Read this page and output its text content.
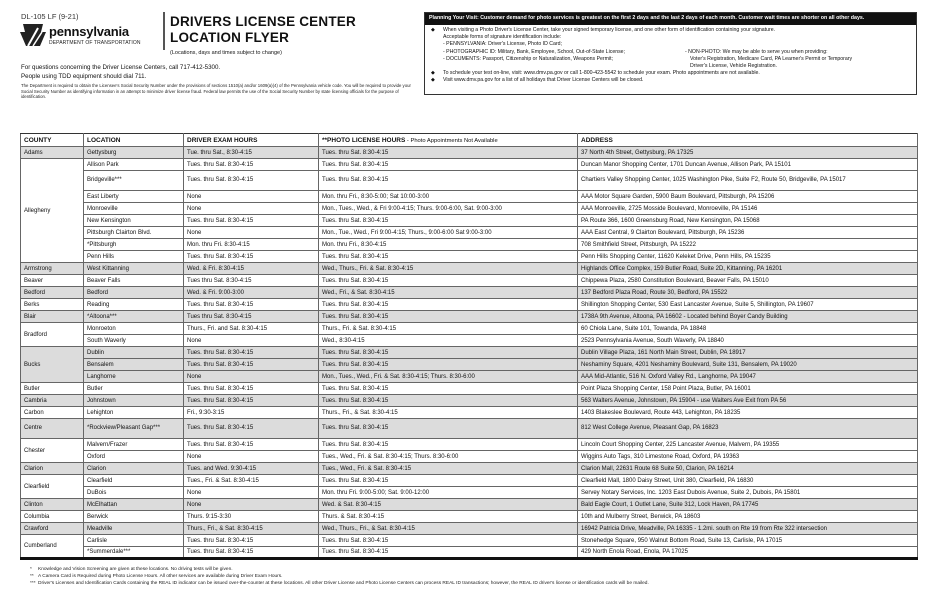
DL-105 LF (9-21)
pennsylvania
DEPARTMENT OF TRANSPORTATION
DRIVERS LICENSE CENTER
LOCATION FLYER
(Locations, days and times subject to change)
For questions concerning the Driver License Centers, call 717-412-5300.
People using TDD equipment should dial 711.
The Department is required to obtain the Licensee's Social Security Number under the provisions of sections 1510(a) and/or 1609(a)(4) of the Pennsylvania vehicle code. You will be required to provide your Social Security Number as identifying information in an attempt to minimize driver license fraud. Federal law permits the use of the Social Security Number by state licensing officials for the purpose of identification.
Planning Your Visit: Customer demand for photo services is greatest on the first 2 days and the last 2 days of each month. Customer wait times are shorter on all other days.
◆ When visiting a Photo Driver's License Center, take your signed temporary license, and one other form of identification containing your signature.
Acceptable forms of signature identification include:
- PENNSYLVANIA: Driver's License, Photo ID Card;
- PHOTOGRAPHIC ID: Military, Bank, Employee, School, Out-of-State License;
- DOCUMENTS: Passport, Citizenship or Naturalization, Weapons Permit;
- NON-PHOTO: We may be able to serve you when providing:
Voter's Registration, Medicare Card, PA Learner's Permit or Temporary
Driver's License, Vehicle Registration.
◆ To schedule your test on-line, visit: www.dmv.pa.gov or call 1-800-423-5542 to schedule your exam. Photo appointments are not available.
◆ Visit www.dmv.pa.gov for a list of all holidays that Driver License Centers will be closed.
COUNTY	LOCATION	DRIVER EXAM HOURS	**PHOTO LICENSE HOURS - Photo Appointments Not Available	ADDRESS
Adams	Gettysburg	Tue. thru Sat., 8:30-4:15	Tues. thru Sat. 8:30-4:15	37 North 4th Street, Gettysburg, PA 17325
Allegheny	Allison Park	Tues. thru Sat. 8:30-4:15	Tues. thru Sat. 8:30-4:15	Duncan Manor Shopping Center, 1701 Duncan Avenue, Allison Park, PA 15101
	Bridgeville***	Tues. thru Sat. 8:30-4:15	Tues. thru Sat. 8:30-4:15	Chartiers Valley Shopping Center, 1025 Washington Pike, Suite F2, Route 50, Bridgeville, PA 15017
	East Liberty	None	Mon. thru Fri., 8:30-5:00; Sat 10:00-3:00	AAA Motor Square Garden, 5900 Baum Boulevard, Pittsburgh, PA 15206
	Monroeville	None	Mon., Tues., Wed., & Fri 9:00-4:15; Thurs. 9:00-6:00, Sat. 9:00-3:00	AAA Monroeville, 2725 Mosside Boulevard, Monroeville, PA 15146
	New Kensington	Tues. thru Sat. 8:30-4:15	Tues. thru Sat. 8:30-4:15	PA Route 366, 1600 Greensburg Road, New Kensington, PA 15068
	Pittsburgh Clairton Blvd.	None	Mon., Tue., Wed., Fri 9:00-4:15; Thurs., 9:00-6:00 Sat 9:00-3:00	AAA East Central, 9 Clairton Boulevard, Pittsburgh, PA 15236
	*Pittsburgh	Mon. thru Fri. 8:30-4:15	Mon. thru Fri., 8:30-4:15	708 Smithfield Street, Pittsburgh, PA 15222
	Penn Hills	Tues. thru Sat. 8:30-4:15	Tues. thru Sat. 8:30-4:15	Penn Hills Shopping Center, 11620 Keleket Drive, Penn Hills, PA 15235
Armstrong	West Kittanning	Wed. & Fri. 8:30-4:15	Wed., Thurs., Fri. & Sat. 8:30-4:15	Highlands Office Complex, 159 Butler Road, Suite 2D, Kittanning, PA 16201
Beaver	Beaver Falls	Tues thru Sat. 8:30-4:15	Tues. thru Sat. 8:30-4:15	Chippewa Plaza, 2580 Constitution Boulevard, Beaver Falls, PA 15010
Bedford	Bedford	Wed. & Fri. 9:00-3:00	Wed., Fri., & Sat. 8:30-4:15	137 Bedford Plaza Road, Route 30, Bedford, PA 15522
Berks	Reading	Tues. thru Sat. 8:30-4:15	Tues. thru Sat. 8:30-4:15	Shillington Shopping Center, 530 East Lancaster Avenue, Suite 5, Shillington, PA 19607
Blair	*Altoona***	Tues thru Sat. 8:30-4:15	Tues. thru Sat. 8:30-4:15	1738A 9th Avenue, Altoona, PA 16602 - Located behind Boyer Candy Building
Bradford	Monroeton	Thurs., Fri. and Sat. 8:30-4:15	Thurs., Fri. & Sat. 8:30-4:15	60 Chiola Lane, Suite 101, Towanda, PA 18848
	South Waverly	None	Wed., 8:30-4:15	2523 Pennsylvania Avenue, South Waverly, PA 18840
Bucks	Dublin	Tues. thru Sat. 8:30-4:15	Tues. thru Sat. 8:30-4:15	Dublin Village Plaza, 161 North Main Street, Dublin, PA 18917
	Bensalem	Tues. thru Sat. 8:30-4:15	Tues. thru Sat. 8:30-4:15	Neshaminy Square, 4201 Neshaminy Boulevard, Suite 131, Bensalem, PA 19020
	Langhorne	None	Mon., Tues., Wed., Fri. & Sat. 8:30-4:15; Thurs. 8:30-6:00	AAA Mid-Atlantic, 516 N. Oxford Valley Rd., Langhorne, PA 19047
Butler	Butler	Tues. thru Sat. 8:30-4:15	Tues. thru Sat. 8:30-4:15	Point Plaza Shopping Center, 158 Point Plaza, Butler, PA 16001
Cambria	Johnstown	Tues. thru Sat. 8:30-4:15	Tues. thru Sat. 8:30-4:15	563 Walters Avenue, Johnstown, PA 15904 - use Walters Ave Exit from PA 56
Carbon	Lehighton	Fri., 9:30-3:15	Thurs., Fri., & Sat. 8:30-4:15	1403 Blakeslee Boulevard, Route 443, Lehighton, PA 18235
Centre	*Rockview/Pleasant Gap***	Tues. thru Sat. 8:30-4:15	Tues. thru Sat. 8:30-4:15	812 West College Avenue, Pleasant Gap, PA 16823
Chester	Malvern/Frazer	Tues. thru Sat. 8:30-4:15	Tues. thru Sat. 8:30-4:15	Lincoln Court Shopping Center, 225 Lancaster Avenue, Malvern, PA 19355
	Oxford	None	Tues., Wed., Fri. & Sat. 8:30-4:15; Thurs. 8:30-6:00	Wiggins Auto Tags, 310 Limestone Road, Oxford, PA 19363
Clarion	Clarion	Tues. and Wed. 9:30-4:15	Tues., Wed., Fri. & Sat. 8:30-4:15	Clarion Mall, 22631 Route 68 Suite 50, Clarion, PA 16214
Clearfield	Clearfield	Tues., Fri. & Sat. 8:30-4:15	Tues. thru Sat. 8:30-4:15	Clearfield Mall, 1800 Daisy Street, Unit 380, Clearfield, PA 16830
	DuBois	None	Mon. thru Fri. 9:00-5:00; Sat. 9:00-12:00	Servey Notary Services, Inc. 1203 East Dubois Avenue, Suite 2, Dubois, PA 15801
Clinton	McElhattan	None	Wed. & Sat. 8:30-4:15	Bald Eagle Court, 1 Outlet Lane, Suite 312, Lock Haven, PA 17745
Columbia	Berwick	Thurs. 9:15-3:30	Thurs. & Sat. 8:30-4:15	10th and Mulberry Street, Berwick, PA 18603
Crawford	Meadville	Thurs., Fri., & Sat. 8:30-4:15	Wed., Thurs., Fri., & Sat. 8:30-4:15	16942 Patricia Drive, Meadville, PA 16335 - 1.2mi. south on Rte 19 from Rte 322 intersection
Cumberland	Carlisle	Tues. thru Sat. 8:30-4:15	Tues. thru Sat. 8:30-4:15	Stonehedge Square, 950 Walnut Bottom Road, Suite 13, Carlisle, PA 17015
	*Summerdale***	Tues. thru Sat. 8:30-4:15	Tues. thru Sat. 8:30-4:15	429 North Enola Road, Enola, PA 17025
* Knowledge and Vision Screening are given at these locations. No driving tests will be given.
** A Camera Card is Required during Photo License Hours. All other services are available during Driver Exam Hours.
*** Driver's Licenses and Identification Cards containing the REAL ID indicator can be issued over-the-counter at these locations. All other Driver License and Photo License Centers can process REAL ID transactions; however, the REAL ID driver's license or identification cards will be mailed.
